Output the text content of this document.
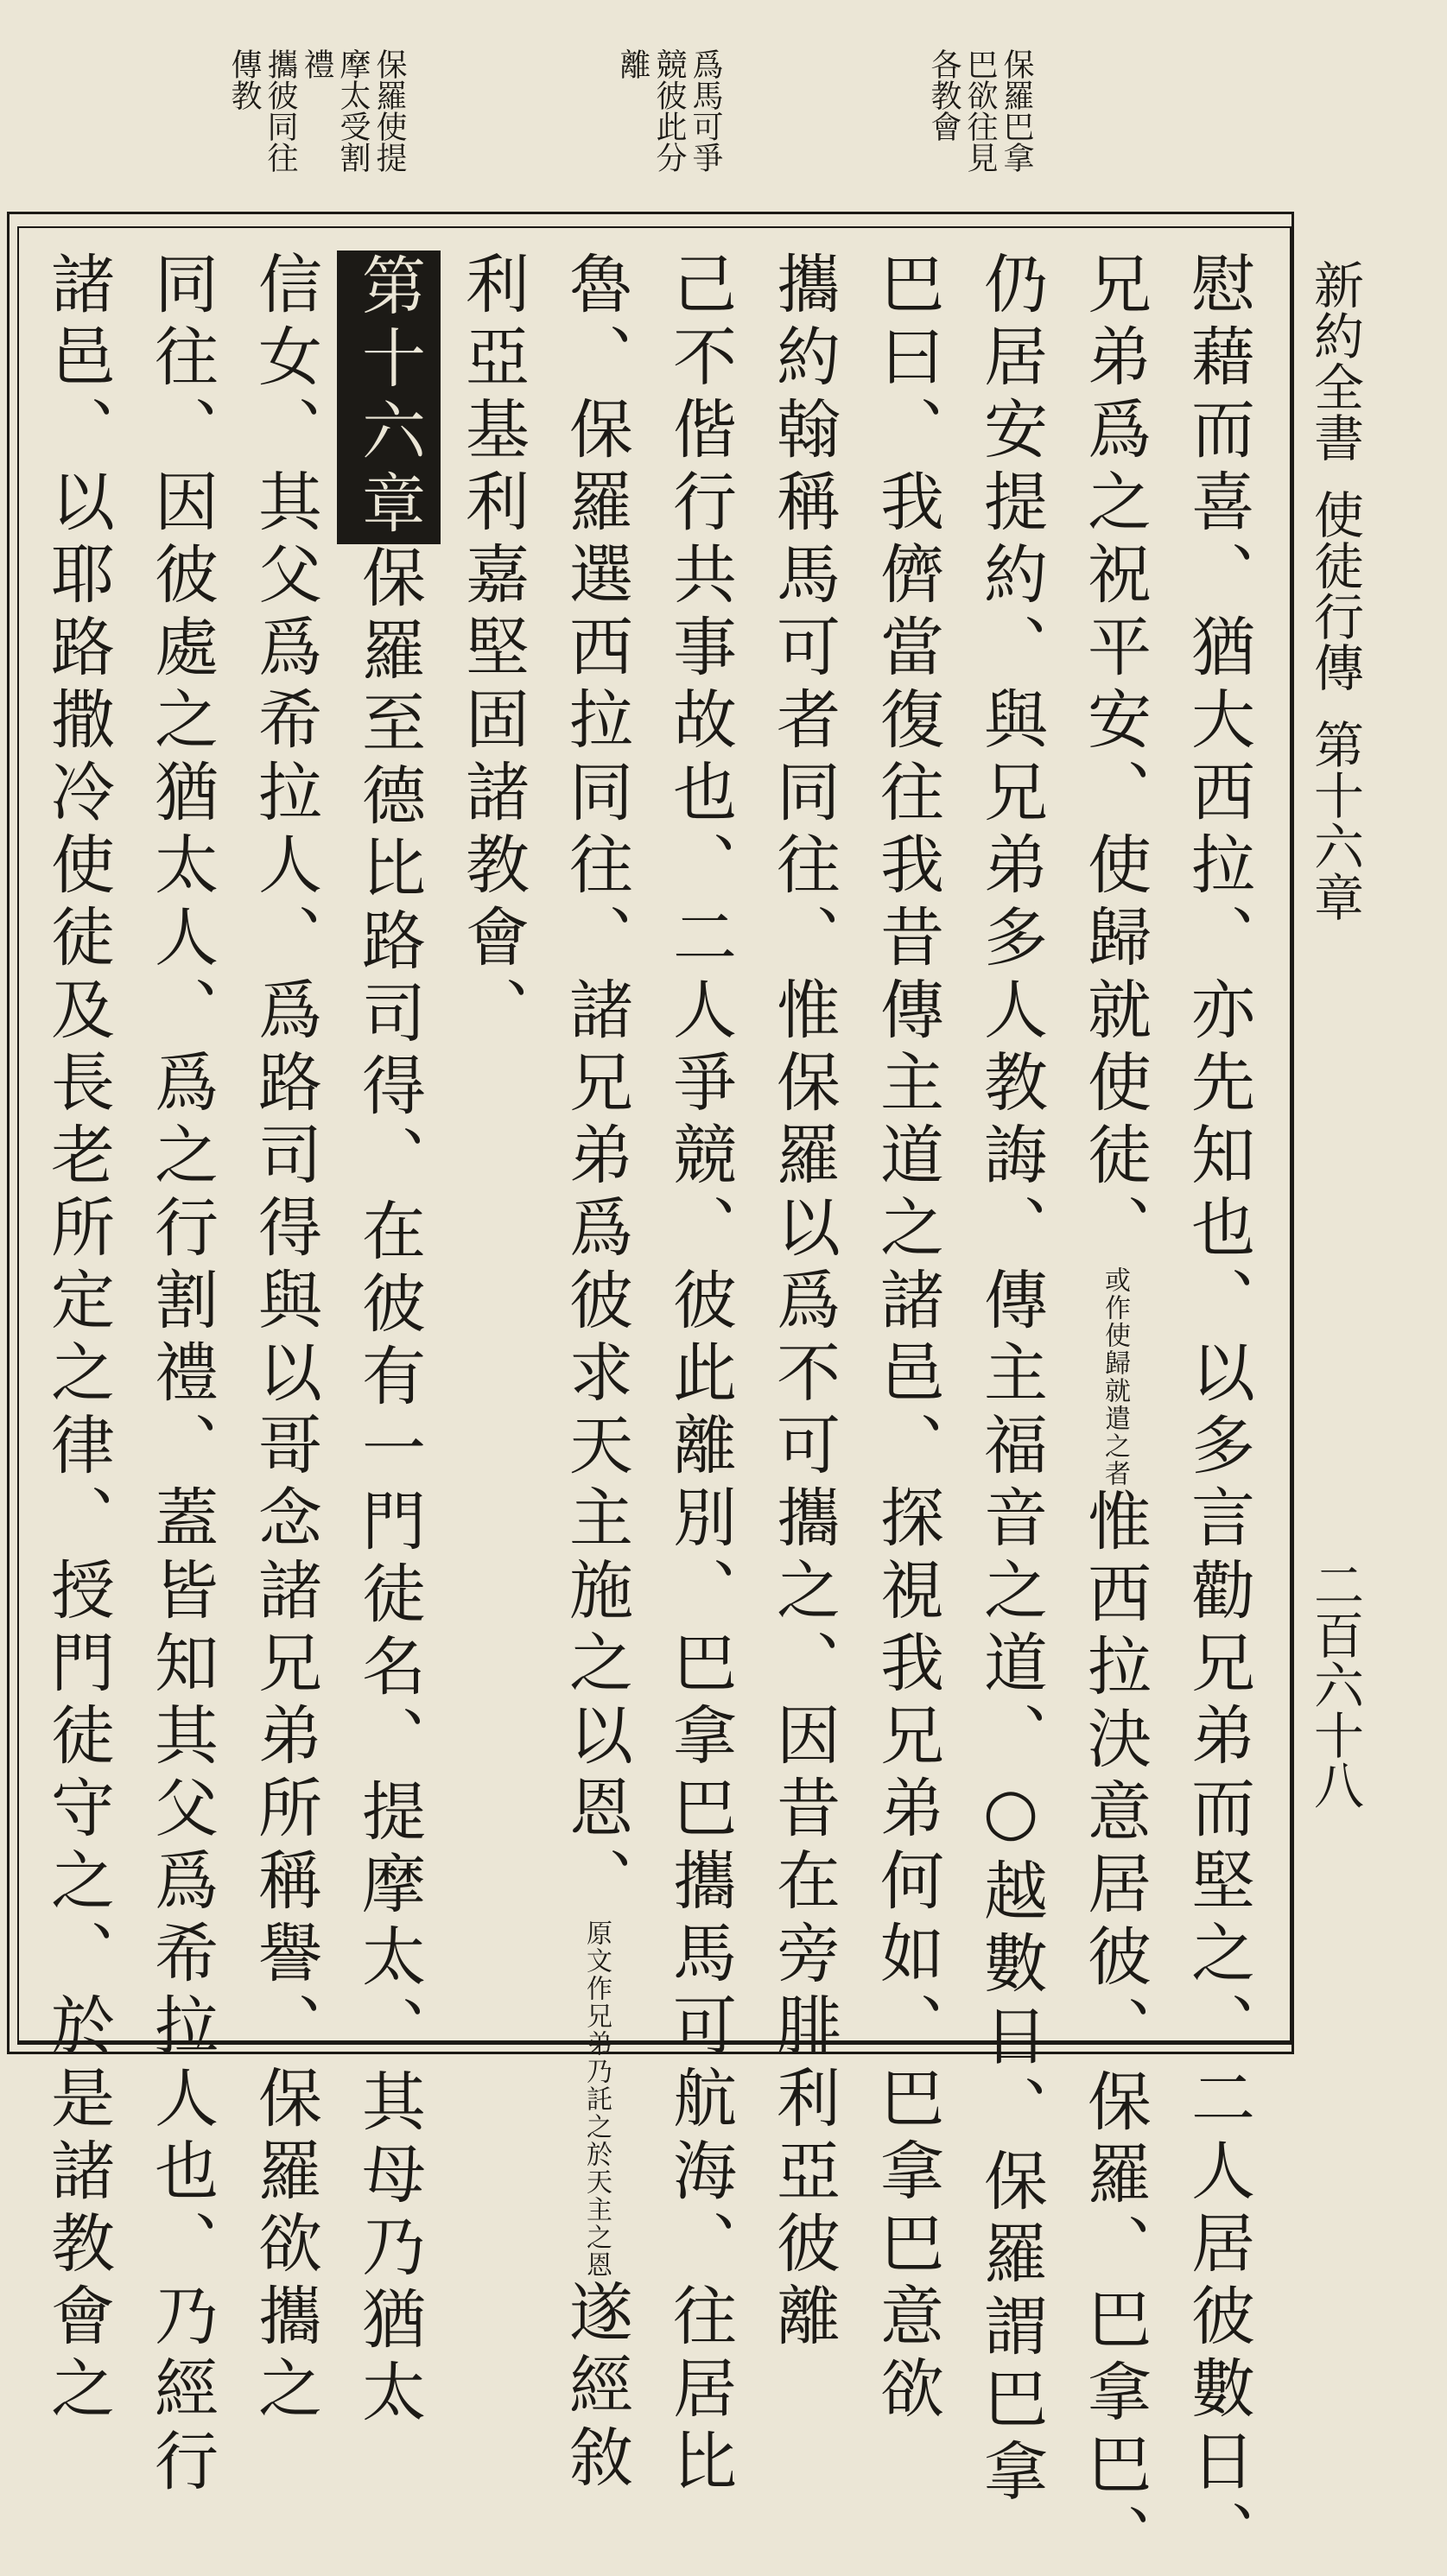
保羅巴拿
巴欲往見
各教會
爲馬可爭
競彼此分
離
保羅使提
摩太受割
禮
攜彼同往
傳教
新約全書使徒行傳第十六章
二百六十八
慰藉而喜、猶大西拉、亦先知也、以多言勸兄弟而堅之、二人居彼數日、
兄弟爲之祝平安、使歸就使徒、或作使歸就遣之者惟西拉決意居彼、保羅、巴拿巴、
仍居安提約、與兄弟多人教誨、傳主福音之道、○越數日、保羅謂巴拿
巴曰、我儕當復往我昔傳主道之諸邑、探視我兄弟何如、巴拿巴意欲
攜約翰稱馬可者同往、惟保羅以爲不可攜之、因昔在旁腓利亞彼離
己不偕行共事故也、二人爭競、彼此離別、巴拿巴攜馬可航海、往居比
魯、保羅選西拉同往、諸兄弟爲彼求天主施之以恩、原文作兄弟乃託之於天主之恩遂經敘
利亞基利嘉堅固諸教會、
第十六章保羅至德比路司得、在彼有一門徒名、提摩太、其母乃猶太
信女、其父爲希拉人、爲路司得與以哥念諸兄弟所稱譽、保羅欲攜之
同往、因彼處之猶太人、爲之行割禮、蓋皆知其父爲希拉人也、乃經行
諸邑、以耶路撒冷使徒及長老所定之律、授門徒守之、於是諸教會之
